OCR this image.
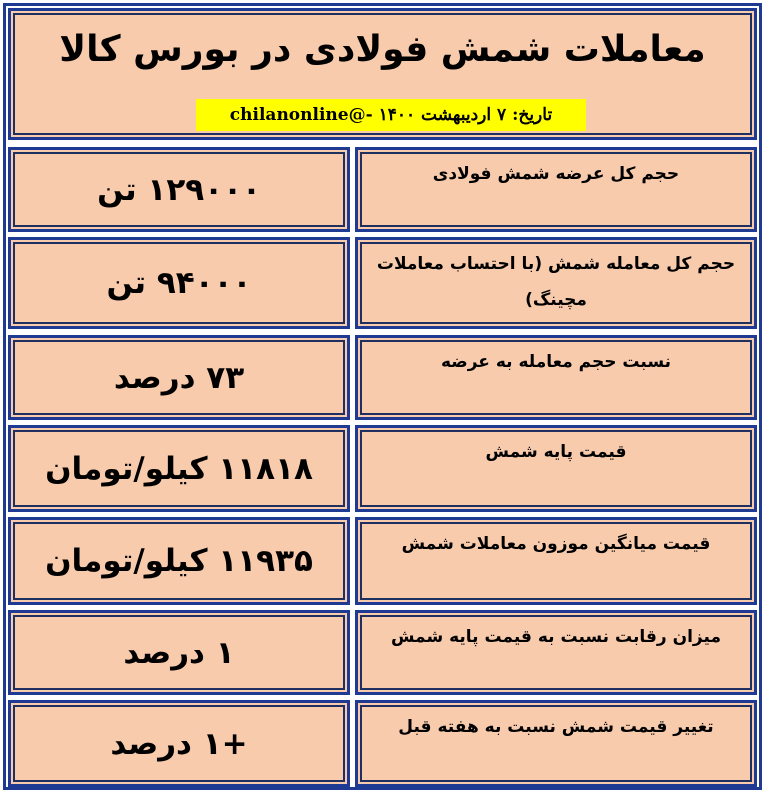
معاملات شمش فولادی در بورس کالا
تاریخ: ۷ اردیبهشت ۱۴۰۰ -@chilanonline
حجم کل عرضه شمش فولادی
۱۲۹۰۰۰ تن
حجم کل معامله شمش (با احتساب معاملات مچینگ)
۹۴۰۰۰ تن
نسبت حجم معامله به عرضه
۷۳ درصد
قیمت پایه شمش
۱۱۸۱۸ کیلو/تومان
قیمت میانگین موزون معاملات شمش
۱۱۹۳۵ کیلو/تومان
میزان رقابت نسبت به قیمت پایه شمش
۱ درصد
تغییر قیمت شمش نسبت به هفته قبل
+۱ درصد
